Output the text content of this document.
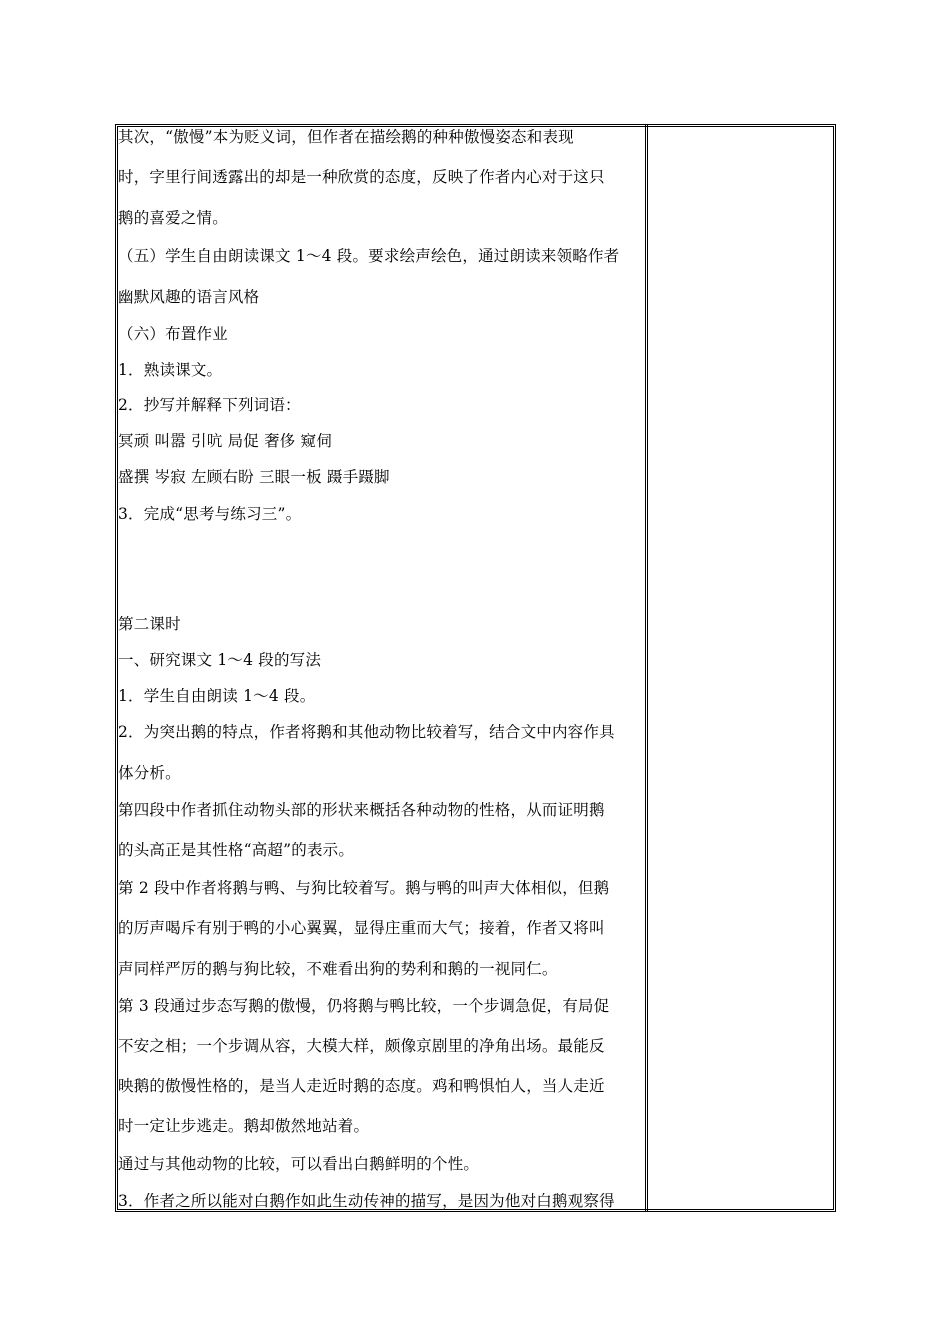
其次，“傲慢”本为贬义词，但作者在描绘鹅的种种傲慢姿态和表现
时，字里行间透露出的却是一种欣赏的态度，反映了作者内心对于这只
鹅的喜爱之情。
（五）学生自由朗读课文 1～4 段。要求绘声绘色，通过朗读来领略作者
幽默风趣的语言风格
（六）布置作业
1．熟读课文。
2．抄写并解释下列词语：
冥顽 叫嚣 引吭 局促 奢侈 窥伺
盛撰 岑寂 左顾右盼 三眼一板 蹑手蹑脚
3．完成“思考与练习三”。
第二课时
一、研究课文 1～4 段的写法
1．学生自由朗读 1～4 段。
2．为突出鹅的特点，作者将鹅和其他动物比较着写，结合文中内容作具
体分析。
第四段中作者抓住动物头部的形状来概括各种动物的性格，从而证明鹅
的头高正是其性格“高超”的表示。
第 2 段中作者将鹅与鸭、与狗比较着写。鹅与鸭的叫声大体相似，但鹅
的厉声喝斥有别于鸭的小心翼翼，显得庄重而大气；接着，作者又将叫
声同样严厉的鹅与狗比较，不难看出狗的势利和鹅的一视同仁。
第 3 段通过步态写鹅的傲慢，仍将鹅与鸭比较，一个步调急促，有局促
不安之相；一个步调从容，大模大样，颇像京剧里的净角出场。最能反
映鹅的傲慢性格的，是当人走近时鹅的态度。鸡和鸭惧怕人，当人走近
时一定让步逃走。鹅却傲然地站着。
通过与其他动物的比较，可以看出白鹅鲜明的个性。
3．作者之所以能对白鹅作如此生动传神的描写，是因为他对白鹅观察得
